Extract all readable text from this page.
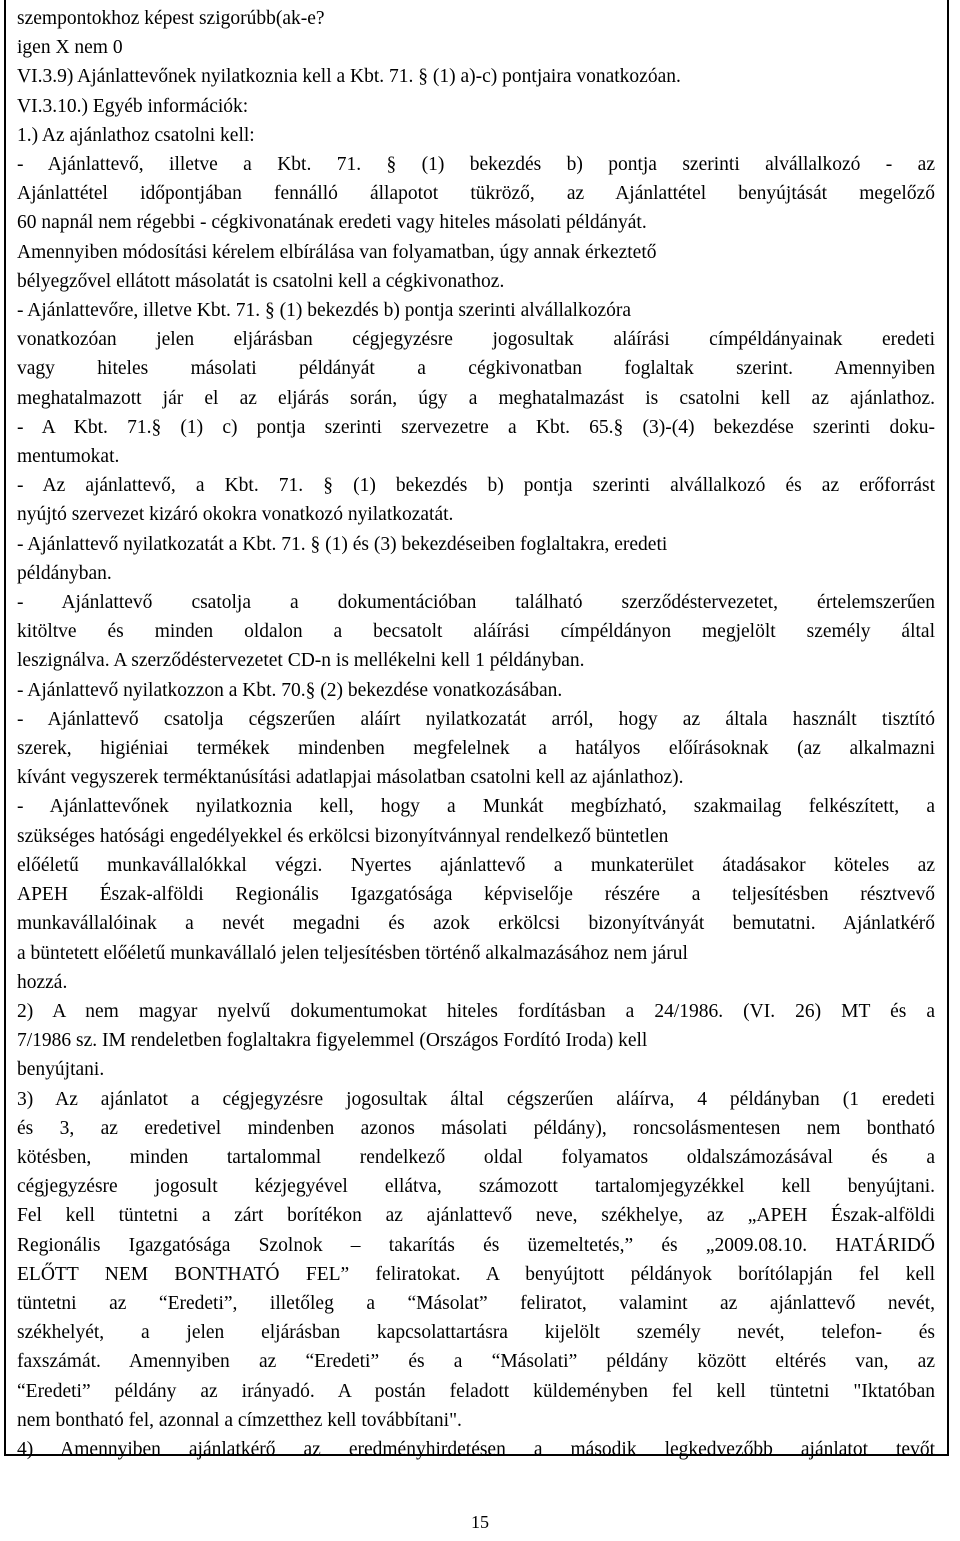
szempontokhoz képest szigorúbb(ak-e?
igen X nem 0
VI.3.9) Ajánlattevőnek nyilatkoznia kell a Kbt. 71. § (1) a)-c) pontjaira vonatkozóan.
VI.3.10.) Egyéb információk:
1.) Az ajánlathoz csatolni kell:
- Ajánlattevő, illetve a Kbt. 71. § (1) bekezdés b) pontja szerinti alvállalkozó - az
Ajánlattétel időpontjában fennálló állapotot tükröző, az Ajánlattétel benyújtását megelőző
60 napnál nem régebbi - cégkivonatának eredeti vagy hiteles másolati példányát.
Amennyiben módosítási kérelem elbírálása van folyamatban, úgy annak érkeztető
bélyegzővel ellátott másolatát is csatolni kell a cégkivonathoz.
- Ajánlattevőre, illetve Kbt. 71. § (1) bekezdés b) pontja szerinti alvállalkozóra
vonatkozóan jelen eljárásban cégjegyzésre jogosultak aláírási címpéldányainak eredeti
vagy hiteles másolati példányát a cégkivonatban foglaltak szerint. Amennyiben
meghatalmazott jár el az eljárás során, úgy a meghatalmazást is csatolni kell az ajánlathoz.
- A Kbt. 71.§ (1) c) pontja szerinti szervezetre a Kbt. 65.§ (3)-(4) bekezdése szerinti doku-
mentumokat.
- Az ajánlattevő, a Kbt. 71. § (1) bekezdés b) pontja szerinti alvállalkozó és az erőforrást
nyújtó szervezet kizáró okokra vonatkozó nyilatkozatát.
- Ajánlattevő nyilatkozatát a Kbt. 71. § (1) és (3) bekezdéseiben foglaltakra, eredeti
példányban.
- Ajánlattevő csatolja a dokumentációban található szerződéstervezetet, értelemszerűen
kitöltve és minden oldalon a becsatolt aláírási címpéldányon megjelölt személy által
leszignálva. A szerződéstervezetet CD-n is mellékelni kell 1 példányban.
- Ajánlattevő nyilatkozzon a Kbt. 70.§ (2) bekezdése vonatkozásában.
- Ajánlattevő csatolja cégszerűen aláírt nyilatkozatát arról, hogy az általa használt tisztító
szerek, higiéniai termékek mindenben megfelelnek a hatályos előírásoknak (az alkalmazni
kívánt vegyszerek terméktanúsítási adatlapjai másolatban csatolni kell az ajánlathoz).
- Ajánlattevőnek nyilatkoznia kell, hogy a Munkát megbízható, szakmailag felkészített, a
szükséges hatósági engedélyekkel és erkölcsi bizonyítvánnyal rendelkező büntetlen
előéletű munkavállalókkal végzi. Nyertes ajánlattevő a munkaterület átadásakor köteles az
APEH Észak-alföldi Regionális Igazgatósága képviselője részére a teljesítésben résztvevő
munkavállalóinak a nevét megadni és azok erkölcsi bizonyítványát bemutatni. Ajánlatkérő
a büntetett előéletű munkavállaló jelen teljesítésben történő alkalmazásához nem járul
hozzá.
2) A nem magyar nyelvű dokumentumokat hiteles fordításban a 24/1986. (VI. 26) MT és a
7/1986 sz. IM rendeletben foglaltakra figyelemmel (Országos Fordító Iroda) kell
benyújtani.
3) Az ajánlatot a cégjegyzésre jogosultak által cégszerűen aláírva, 4 példányban (1 eredeti
és 3, az eredetivel mindenben azonos másolati példány), roncsolásmentesen nem bontható
kötésben, minden tartalommal rendelkező oldal folyamatos oldalszámozásával és a
cégjegyzésre jogosult kézjegyével ellátva, számozott tartalomjegyzékkel kell benyújtani.
Fel kell tüntetni a zárt borítékon az ajánlattevő neve, székhelye, az „APEH Észak-alföldi
Regionális Igazgatósága Szolnok – takarítás és üzemeltetés,” és „2009.08.10. HATÁRIDŐ
ELŐTT NEM BONTHATÓ FEL” feliratokat. A benyújtott példányok borítólapján fel kell
tüntetni az “Eredeti”, illetőleg a “Másolat” feliratot, valamint az ajánlattevő nevét,
székhelyét, a jelen eljárásban kapcsolattartásra kijelölt személy nevét, telefon- és
faxszámát. Amennyiben az “Eredeti” és a “Másolati” példány között eltérés van, az
“Eredeti” példány az irányadó. A postán feladott küldeményben fel kell tüntetni "Iktatóban
nem bontható fel, azonnal a címzetthez kell továbbítani".
4) Amennyiben ajánlatkérő az eredményhirdetésen a második legkedvezőbb ajánlatot tevőt
15
